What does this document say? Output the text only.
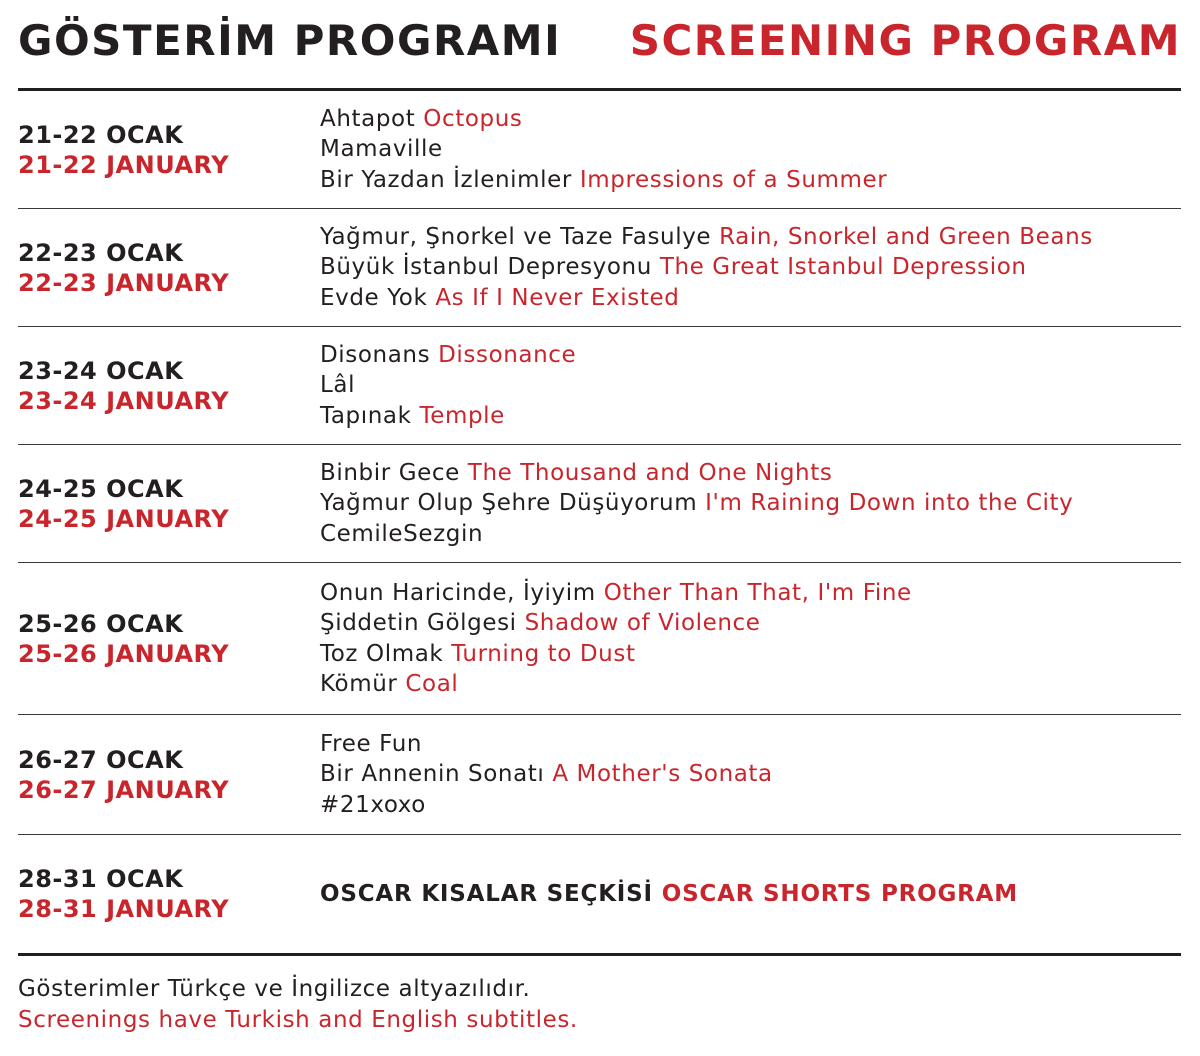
GÖSTERİM PROGRAMI SCREENING PROGRAM
21-22 OCAK
21-22 JANUARY
Ahtapot Octopus
Mamaville
Bir Yazdan İzlenimler Impressions of a Summer
22-23 OCAK
22-23 JANUARY
Yağmur, Şnorkel ve Taze Fasulye Rain, Snorkel and Green Beans
Büyük İstanbul Depresyonu The Great Istanbul Depression
Evde Yok As If I Never Existed
23-24 OCAK
23-24 JANUARY
Disonans Dissonance
Lâl
Tapınak Temple
24-25 OCAK
24-25 JANUARY
Binbir Gece The Thousand and One Nights
Yağmur Olup Şehre Düşüyorum I'm Raining Down into the City
CemileSezgin
25-26 OCAK
25-26 JANUARY
Onun Haricinde, İyiyim Other Than That, I'm Fine
Şiddetin Gölgesi Shadow of Violence
Toz Olmak Turning to Dust
Kömür Coal
26-27 OCAK
26-27 JANUARY
Free Fun
Bir Annenin Sonatı A Mother's Sonata
#21xoxo
28-31 OCAK
28-31 JANUARY
OSCAR KISALAR SEÇKİSİ OSCAR SHORTS PROGRAM
Gösterimler Türkçe ve İngilizce altyazılıdır.
Screenings have Turkish and English subtitles.
